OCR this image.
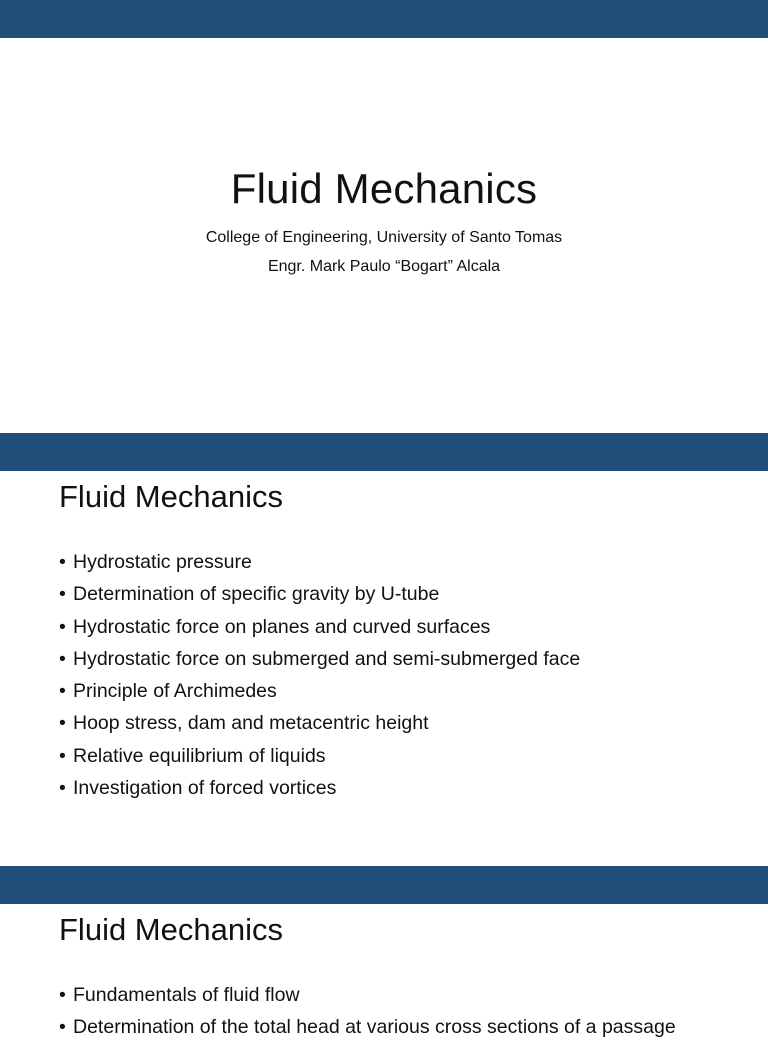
Fluid Mechanics
College of Engineering, University of Santo Tomas
Engr. Mark Paulo “Bogart” Alcala
Fluid Mechanics
• Hydrostatic pressure
• Determination of specific gravity by U-tube
• Hydrostatic force on planes and curved surfaces
• Hydrostatic force on submerged and semi-submerged face
• Principle of Archimedes
• Hoop stress, dam and metacentric height
• Relative equilibrium of liquids
• Investigation of forced vortices
Fluid Mechanics
• Fundamentals of fluid flow
• Determination of the total head at various cross sections of a passage
